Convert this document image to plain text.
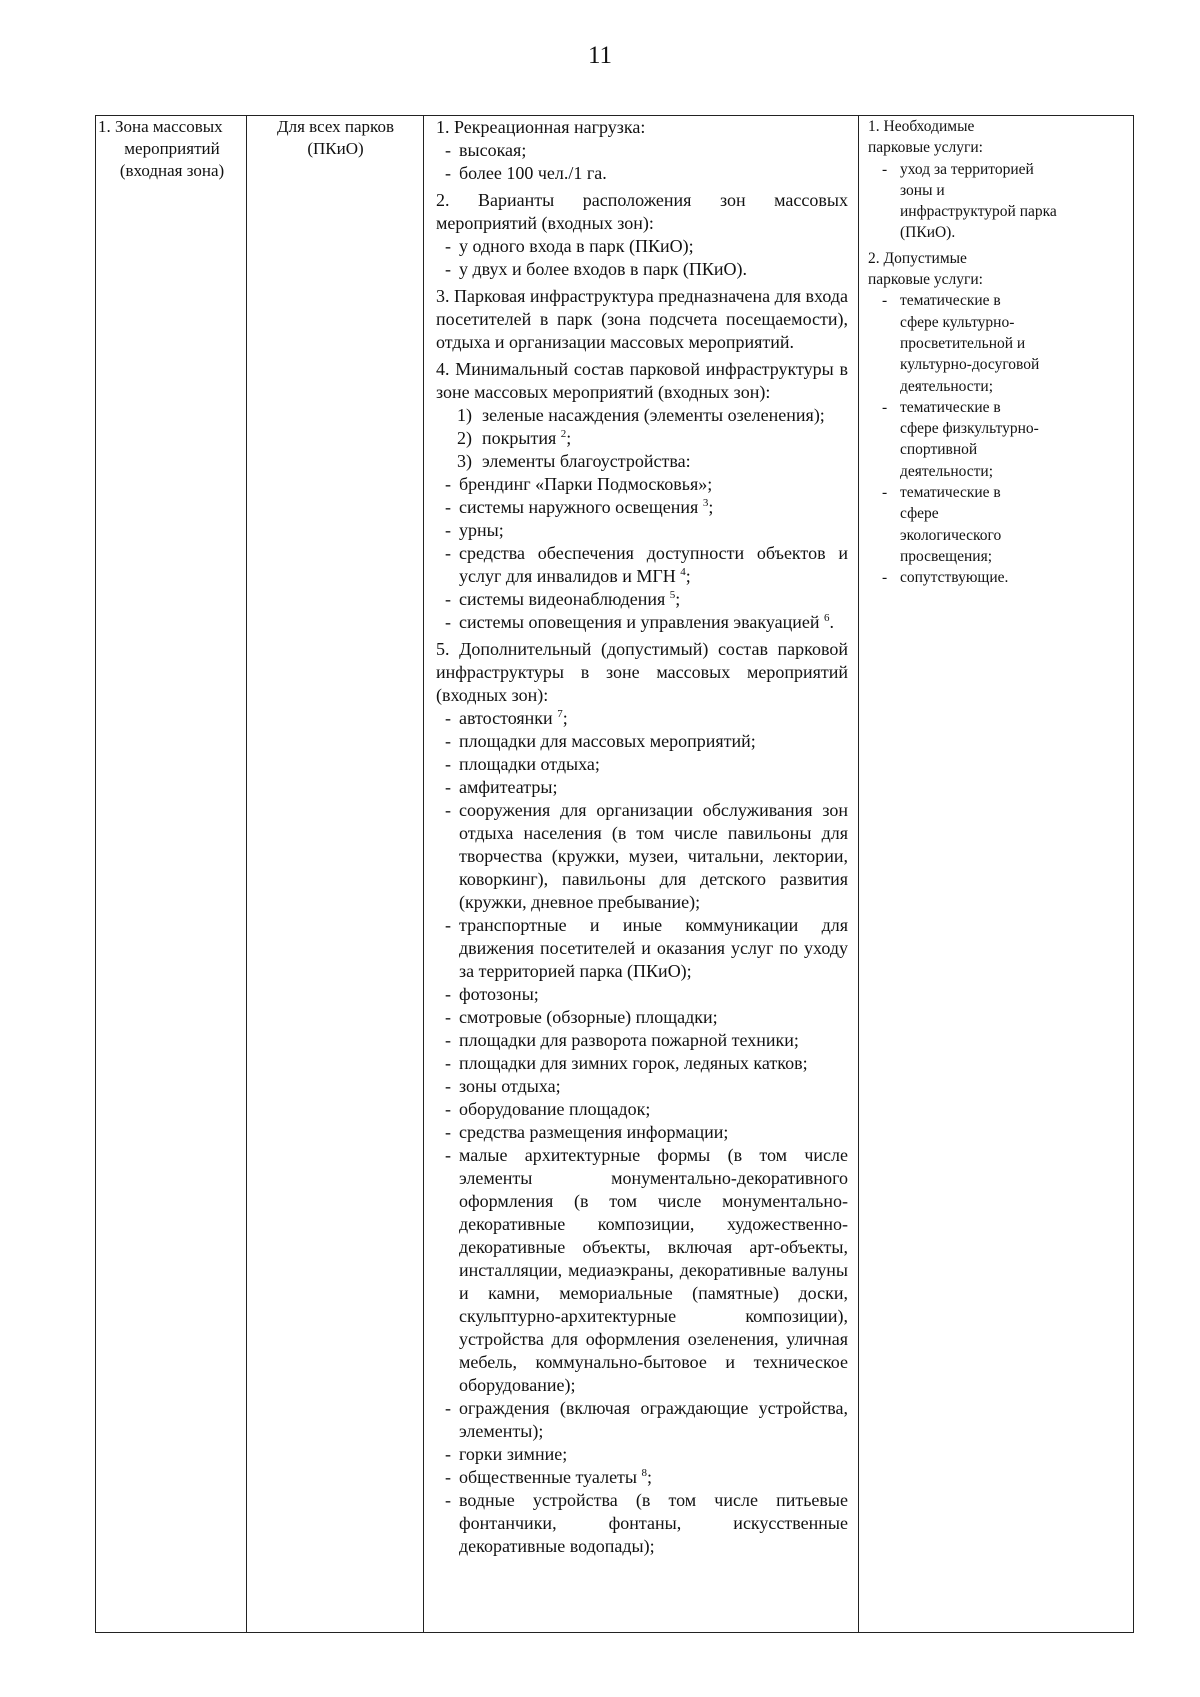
11
1. Зона массовых
мероприятий
(входная зона)
Для всех парков
(ПКиО)
1. Рекреационная нагрузка:
- высокая;
- более 100 чел./1 га.
2. Варианты расположения зон массовых мероприятий (входных зон):
- у одного входа в парк (ПКиО);
- у двух и более входов в парк (ПКиО).
3. Парковая инфраструктура предназначена для входа посетителей в парк (зона подсчета посещаемости), отдыха и организации массовых мероприятий.
4. Минимальный состав парковой инфраструктуры в зоне массовых мероприятий (входных зон):
1) зеленые насаждения (элементы озеленения);
2) покрытия $^2$;
3) элементы благоустройства:
- брендинг «Парки Подмосковья»;
- системы наружного освещения $^3$;
- урны;
- средства обеспечения доступности объектов и услуг для инвалидов и МГН $^4$;
- системы видеонаблюдения $^5$;
- системы оповещения и управления эвакуацией $^6$.
5. Дополнительный (допустимый) состав парковой инфраструктуры в зоне массовых мероприятий (входных зон):
- автостоянки $^7$;
- площадки для массовых мероприятий;
- площадки отдыха;
- амфитеатры;
- сооружения для организации обслуживания зон отдыха населения (в том числе павильоны для творчества (кружки, музеи, читальни, лектории, коворкинг), павильоны для детского развития (кружки, дневное пребывание);
- транспортные и иные коммуникации для движения посетителей и оказания услуг по уходу за территорией парка (ПКиО);
- фотозоны;
- смотровые (обзорные) площадки;
- площадки для разворота пожарной техники;
- площадки для зимних горок, ледяных катков;
- зоны отдыха;
- оборудование площадок;
- средства размещения информации;
- малые архитектурные формы (в том числе элементы монументально-декоративного оформления (в том числе монументально-декоративные композиции, художественно-декоративные объекты, включая арт-объекты, инсталляции, медиаэкраны, декоративные валуны и камни, мемориальные (памятные) доски, скульптурно-архитектурные композиции), устройства для оформления озеленения, уличная мебель, коммунально-бытовое и техническое оборудование);
- ограждения (включая ограждающие устройства, элементы);
- горки зимние;
- общественные туалеты $^8$;
- водные устройства (в том числе питьевые фонтанчики, фонтаны, искусственные декоративные водопады);
1. Необходимые парковые услуги:
- уход за территорией зоны и инфраструктурой парка (ПКиО).
2. Допустимые парковые услуги:
- тематические в сфере культурно-просветительной и культурно-досуговой деятельности;
- тематические в сфере физкультурно-спортивной деятельности;
- тематические в сфере экологического просвещения;
- сопутствующие.
